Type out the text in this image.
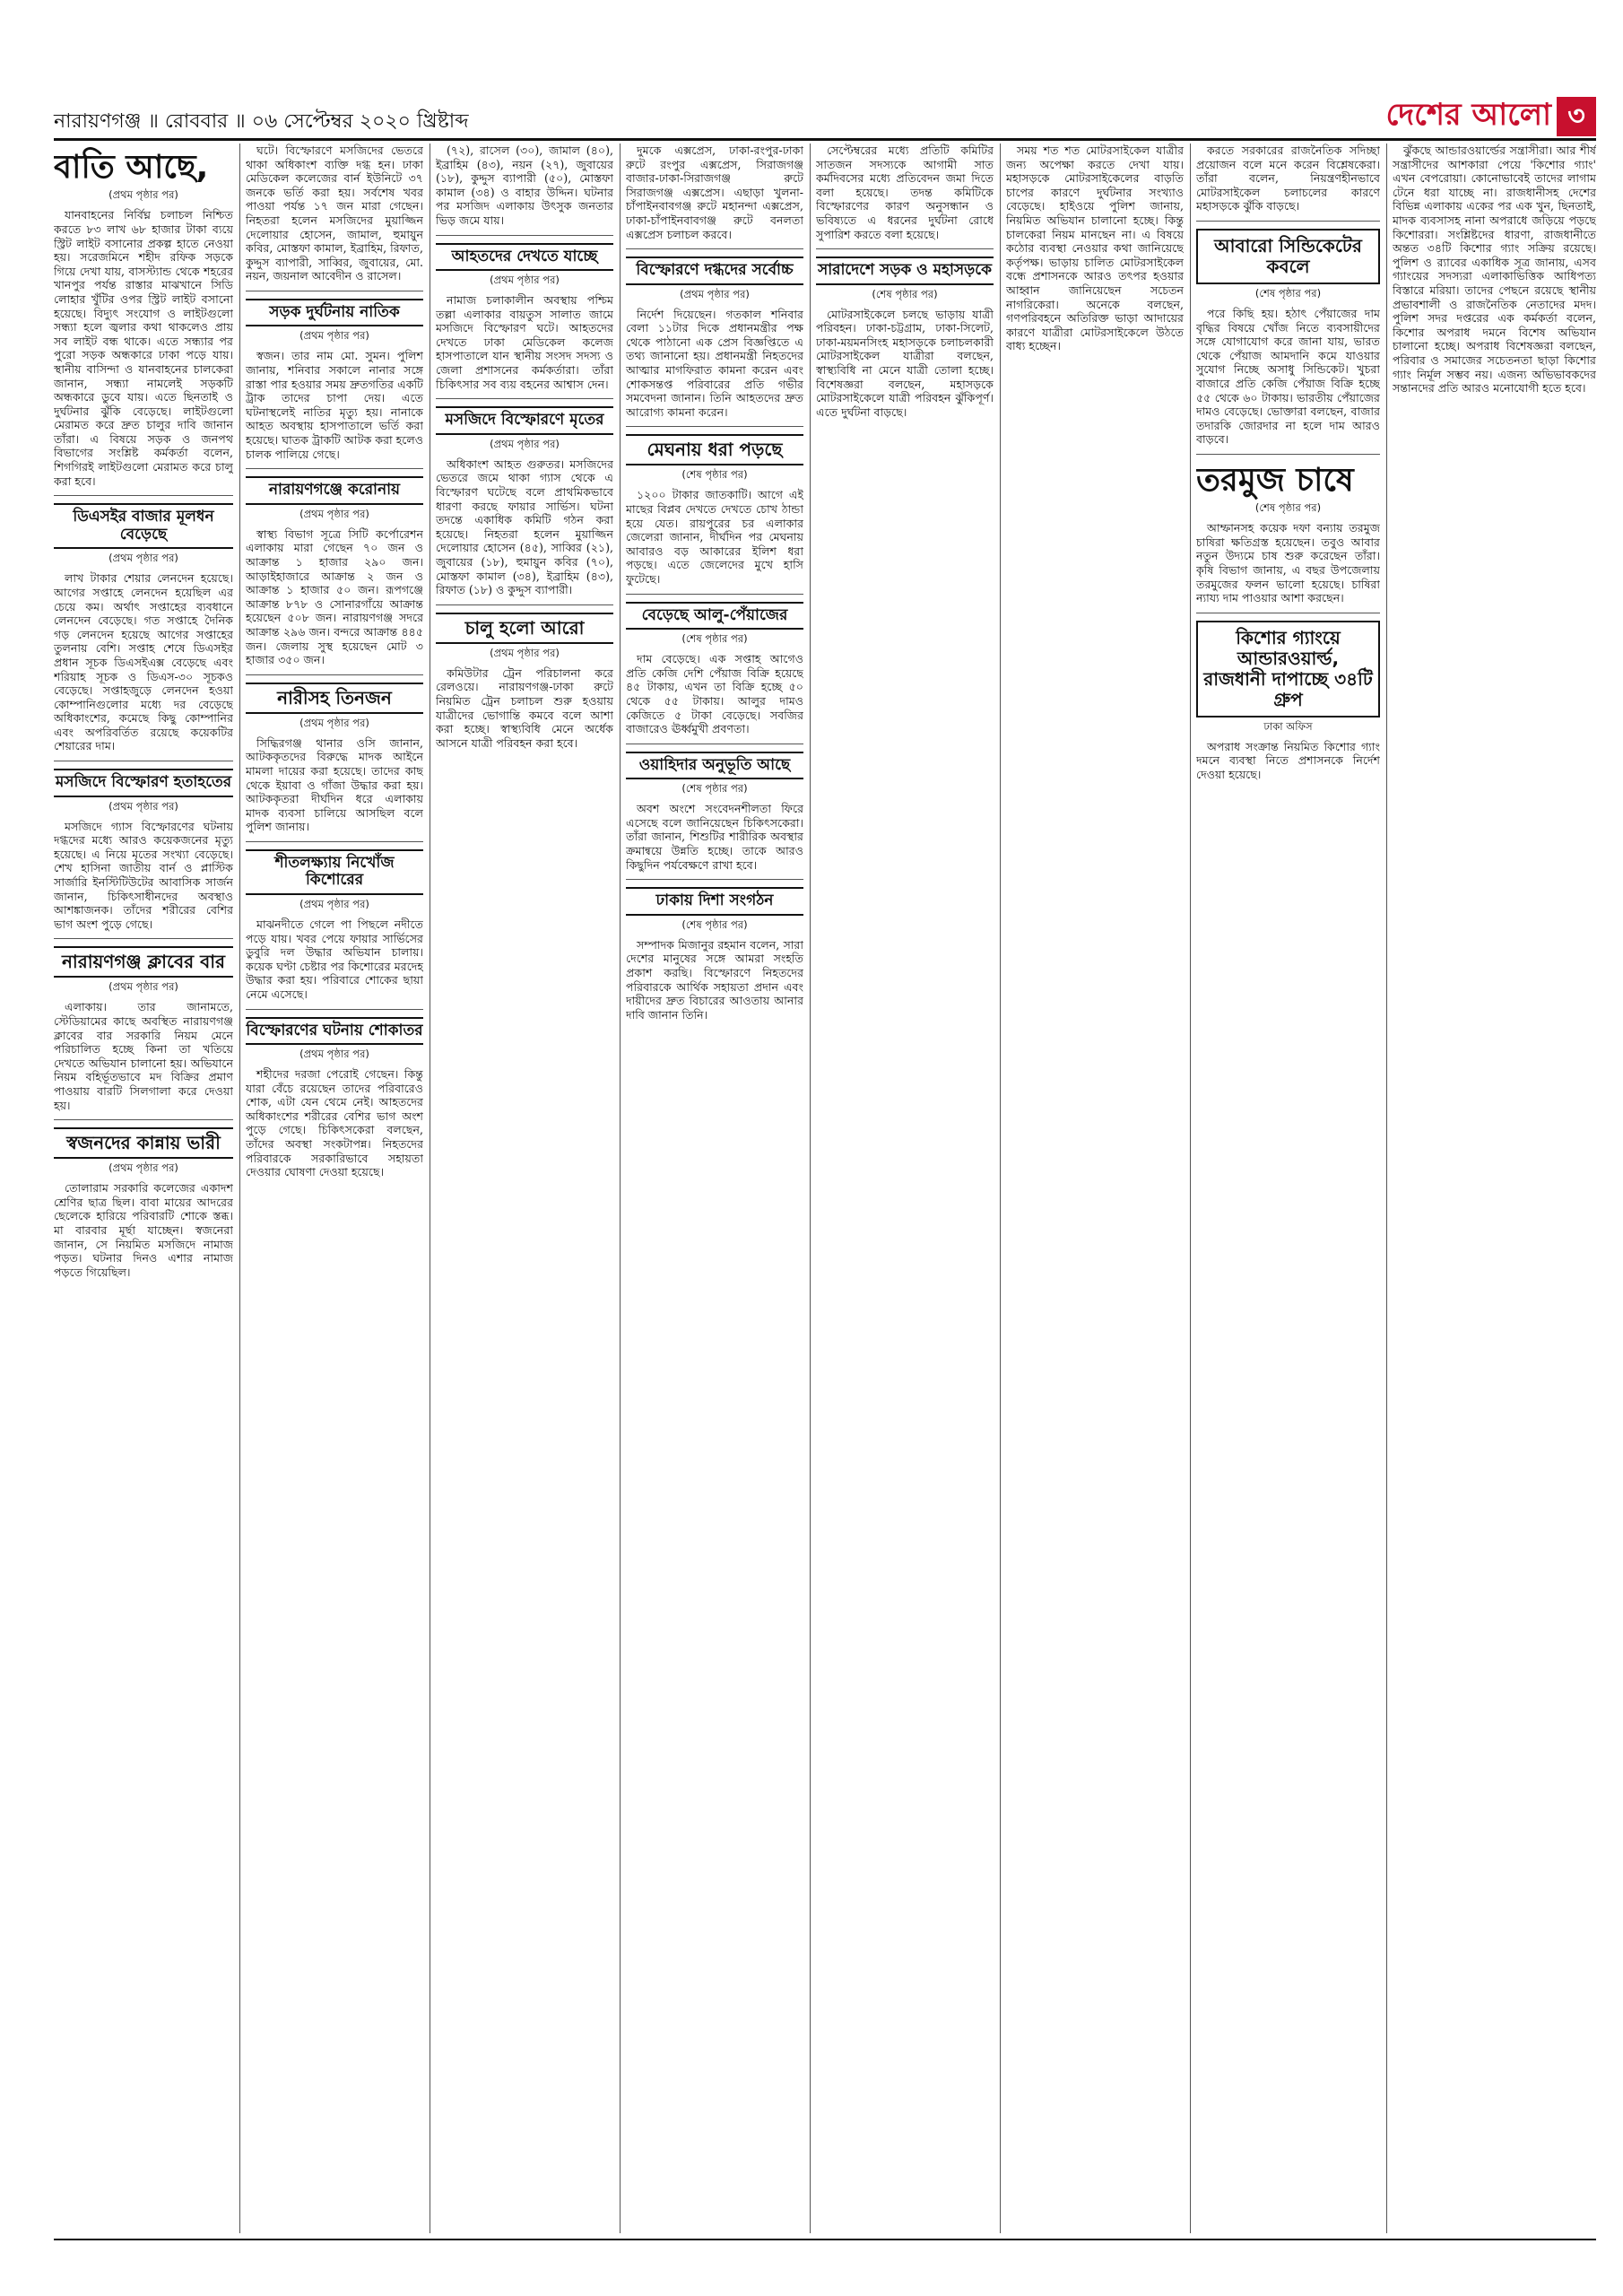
নারায়ণগঞ্জ ॥ রোববার ॥ ০৬ সেপ্টেম্বর ২০২০ খ্রিষ্টাব্দ	দেশের আলো ৩
বাতি আছে,
(প্রথম পৃষ্ঠার পর)
যানবাহনের নির্বিঘ্ন চলাচল নিশ্চিত করতে ৮৩ লাখ ৬৮ হাজার টাকা ব্যয়ে স্ট্রিট লাইট বসানোর প্রকল্প হাতে নেওয়া হয়। সরেজমিনে শহীদ রফিক সড়কে গিয়ে দেখা যায়, বাসস্ট্যান্ড থেকে শহরের খানপুর পর্যন্ত রাস্তার মাঝখানে সিডি লোহার খুঁটির ওপর স্ট্রিট লাইট বসানো হয়েছে। বিদ্যুৎ সংযোগ ও লাইটগুলো সন্ধ্যা হলে জ্বলার কথা থাকলেও প্রায় সব লাইট বন্ধ থাকে। এতে সন্ধ্যার পর পুরো সড়ক অন্ধকারে ঢাকা পড়ে যায়। স্থানীয় বাসিন্দা ও যানবাহনের চালকেরা জানান, সন্ধ্যা নামলেই সড়কটি অন্ধকারে ডুবে যায়। এতে ছিনতাই ও দুর্ঘটনার ঝুঁকি বেড়েছে। লাইটগুলো মেরামত করে দ্রুত চালুর দাবি জানান তাঁরা। এ বিষয়ে সড়ক ও জনপথ বিভাগের সংশ্লিষ্ট কর্মকর্তা বলেন, শিগগিরই লাইটগুলো মেরামত করে চালু করা হবে।
ডিএসইর বাজার মূলধন বেড়েছে
(প্রথম পৃষ্ঠার পর)
লাখ টাকার শেয়ার লেনদেন হয়েছে। আগের সপ্তাহে লেনদেন হয়েছিল এর চেয়ে কম। অর্থাৎ সপ্তাহের ব্যবধানে লেনদেন বেড়েছে। গত সপ্তাহে দৈনিক গড় লেনদেন হয়েছে আগের সপ্তাহের তুলনায় বেশি। সপ্তাহ শেষে ডিএসইর প্রধান সূচক ডিএসইএক্স বেড়েছে এবং শরিয়াহ সূচক ও ডিএস-৩০ সূচকও বেড়েছে। সপ্তাহজুড়ে লেনদেন হওয়া কোম্পানিগুলোর মধ্যে দর বেড়েছে অধিকাংশের, কমেছে কিছু কোম্পানির এবং অপরিবর্তিত রয়েছে কয়েকটির শেয়ারের দাম।
মসজিদে বিস্ফোরণ হতাহতের
(প্রথম পৃষ্ঠার পর)
মসজিদে গ্যাস বিস্ফোরণের ঘটনায় দগ্ধদের মধ্যে আরও কয়েকজনের মৃত্যু হয়েছে। এ নিয়ে মৃতের সংখ্যা বেড়েছে। শেখ হাসিনা জাতীয় বার্ন ও প্লাস্টিক সার্জারি ইনস্টিটিউটের আবাসিক সার্জন জানান, চিকিৎসাধীনদের অবস্থাও আশঙ্কাজনক। তাঁদের শরীরের বেশির ভাগ অংশ পুড়ে গেছে।
নারায়ণগঞ্জ ক্লাবের বার
(প্রথম পৃষ্ঠার পর)
এলাকায়। তার জানামতে, স্টেডিয়ামের কাছে অবস্থিত নারায়ণগঞ্জ ক্লাবের বার সরকারি নিয়ম মেনে পরিচালিত হচ্ছে কিনা তা খতিয়ে দেখতে অভিযান চালানো হয়। অভিযানে নিয়ম বহির্ভূতভাবে মদ বিক্রির প্রমাণ পাওয়ায় বারটি সিলগালা করে দেওয়া হয়।
স্বজনদের কান্নায় ভারী
(প্রথম পৃষ্ঠার পর)
তোলারাম সরকারি কলেজের একাদশ শ্রেণির ছাত্র ছিল। বাবা মায়ের আদরের ছেলেকে হারিয়ে পরিবারটি শোকে স্তব্ধ। মা বারবার মূর্ছা যাচ্ছেন। স্বজনেরা জানান, সে নিয়মিত মসজিদে নামাজ পড়ত। ঘটনার দিনও এশার নামাজ পড়তে গিয়েছিল।
ঘটে। বিস্ফোরণে মসজিদের ভেতরে থাকা অধিকাংশ ব্যক্তি দগ্ধ হন। ঢাকা মেডিকেল কলেজের বার্ন ইউনিটে ৩৭ জনকে ভর্তি করা হয়। সর্বশেষ খবর পাওয়া পর্যন্ত ১৭ জন মারা গেছেন। নিহতরা হলেন মসজিদের মুয়াজ্জিন দেলোয়ার হোসেন, জামাল, হুমায়ুন কবির, মোস্তফা কামাল, ইব্রাহিম, রিফাত, কুদ্দুস ব্যাপারী, সাব্বির, জুবায়ের, মো. নয়ন, জয়নাল আবেদীন ও রাসেল।
সড়ক দুর্ঘটনায় নাতিক
(প্রথম পৃষ্ঠার পর)
স্বজন। তার নাম মো. সুমন। পুলিশ জানায়, শনিবার সকালে নানার সঙ্গে রাস্তা পার হওয়ার সময় দ্রুতগতির একটি ট্রাক তাদের চাপা দেয়। এতে ঘটনাস্থলেই নাতির মৃত্যু হয়। নানাকে আহত অবস্থায় হাসপাতালে ভর্তি করা হয়েছে। ঘাতক ট্রাকটি আটক করা হলেও চালক পালিয়ে গেছে।
নারায়ণগঞ্জে করোনায়
(প্রথম পৃষ্ঠার পর)
স্বাস্থ্য বিভাগ সূত্রে সিটি কর্পোরেশন এলাকায় মারা গেছেন ৭০ জন ও আক্রান্ত ১ হাজার ২৯০ জন। আড়াইহাজারে আক্রান্ত ২ জন ও আক্রান্ত ১ হাজার ৫০ জন। রূপগঞ্জে আক্রান্ত ৮৭৮ ও সোনারগাঁয়ে আক্রান্ত হয়েছেন ৫০৮ জন। নারায়ণগঞ্জ সদরে আক্রান্ত ২৯৬ জন। বন্দরে আক্রান্ত ৪৪৫ জন। জেলায় সুস্থ হয়েছেন মোট ৩ হাজার ৩৫০ জন।
নারীসহ তিনজন
(প্রথম পৃষ্ঠার পর)
সিদ্ধিরগঞ্জ থানার ওসি জানান, আটককৃতদের বিরুদ্ধে মাদক আইনে মামলা দায়ের করা হয়েছে। তাদের কাছ থেকে ইয়াবা ও গাঁজা উদ্ধার করা হয়। আটককৃতরা দীর্ঘদিন ধরে এলাকায় মাদক ব্যবসা চালিয়ে আসছিল বলে পুলিশ জানায়।
শীতলক্ষ্যায় নিখোঁজ কিশোরের
(প্রথম পৃষ্ঠার পর)
মাঝনদীতে গেলে পা পিছলে নদীতে পড়ে যায়। খবর পেয়ে ফায়ার সার্ভিসের ডুবুরি দল উদ্ধার অভিযান চালায়। কয়েক ঘণ্টা চেষ্টার পর কিশোরের মরদেহ উদ্ধার করা হয়। পরিবারে শোকের ছায়া নেমে এসেছে।
বিস্ফোরণের ঘটনায় শোকাতর
(প্রথম পৃষ্ঠার পর)
শহীদের দরজা পেরোই গেছেন। কিন্তু যারা বেঁচে রয়েছেন তাদের পরিবারেও শোক, এটা যেন থেমে নেই। আহতদের অধিকাংশের শরীরের বেশির ভাগ অংশ পুড়ে গেছে। চিকিৎসকেরা বলছেন, তাঁদের অবস্থা সংকটাপন্ন। নিহতদের পরিবারকে সরকারিভাবে সহায়তা দেওয়ার ঘোষণা দেওয়া হয়েছে।
(৭২), রাসেল (৩০), জামাল (৪০), ইব্রাহিম (৪৩), নয়ন (২৭), জুবায়ের (১৮), কুদ্দুস ব্যাপারী (৫০), মোস্তফা কামাল (৩৪) ও বাহার উদ্দিন। ঘটনার পর মসজিদ এলাকায় উৎসুক জনতার ভিড় জমে যায়।
আহতদের দেখতে যাচ্ছে
(প্রথম পৃষ্ঠার পর)
নামাজ চলাকালীন অবস্থায় পশ্চিম তল্লা এলাকার বায়তুস সালাত জামে মসজিদে বিস্ফোরণ ঘটে। আহতদের দেখতে ঢাকা মেডিকেল কলেজ হাসপাতালে যান স্থানীয় সংসদ সদস্য ও জেলা প্রশাসনের কর্মকর্তারা। তাঁরা চিকিৎসার সব ব্যয় বহনের আশ্বাস দেন।
মসজিদে বিস্ফোরণে মৃতের
(প্রথম পৃষ্ঠার পর)
অধিকাংশ আহত গুরুতর। মসজিদের ভেতরে জমে থাকা গ্যাস থেকে এ বিস্ফোরণ ঘটেছে বলে প্রাথমিকভাবে ধারণা করছে ফায়ার সার্ভিস। ঘটনা তদন্তে একাধিক কমিটি গঠন করা হয়েছে। নিহতরা হলেন মুয়াজ্জিন দেলোয়ার হোসেন (৪৫), সাব্বির (২১), জুবায়ের (১৮), হুমায়ুন কবির (৭০), মোস্তফা কামাল (৩৪), ইব্রাহিম (৪৩), রিফাত (১৮) ও কুদ্দুস ব্যাপারী।
চালু হলো আরো
(প্রথম পৃষ্ঠার পর)
কমিউটার ট্রেন পরিচালনা করে রেলওয়ে। নারায়ণগঞ্জ-ঢাকা রুটে নিয়মিত ট্রেন চলাচল শুরু হওয়ায় যাত্রীদের ভোগান্তি কমবে বলে আশা করা হচ্ছে। স্বাস্থ্যবিধি মেনে অর্ধেক আসনে যাত্রী পরিবহন করা হবে।
দুমকে এক্সপ্রেস, ঢাকা-রংপুর-ঢাকা রুটে রংপুর এক্সপ্রেস, সিরাজগঞ্জ বাজার-ঢাকা-সিরাজগঞ্জ রুটে সিরাজগঞ্জ এক্সপ্রেস। এছাড়া খুলনা-চাঁপাইনবাবগঞ্জ রুটে মহানন্দা এক্সপ্রেস, ঢাকা-চাঁপাইনবাবগঞ্জ রুটে বনলতা এক্সপ্রেস চলাচল করবে।
বিস্ফোরণে দগ্ধদের সর্বোচ্চ
(প্রথম পৃষ্ঠার পর)
নির্দেশ দিয়েছেন। গতকাল শনিবার বেলা ১১টার দিকে প্রধানমন্ত্রীর পক্ষ থেকে পাঠানো এক প্রেস বিজ্ঞপ্তিতে এ তথ্য জানানো হয়। প্রধানমন্ত্রী নিহতদের আত্মার মাগফিরাত কামনা করেন এবং শোকসন্তপ্ত পরিবারের প্রতি গভীর সমবেদনা জানান। তিনি আহতদের দ্রুত আরোগ্য কামনা করেন।
মেঘনায় ধরা পড়ছে
(শেষ পৃষ্ঠার পর)
১২০০ টাকার জাতকাটি। আগে এই মাছের বিপ্লব দেখতে দেখতে চোখ ঠান্ডা হয়ে যেত। রায়পুরের চর এলাকার জেলেরা জানান, দীর্ঘদিন পর মেঘনায় আবারও বড় আকারের ইলিশ ধরা পড়ছে। এতে জেলেদের মুখে হাসি ফুটেছে।
বেড়েছে আলু-পেঁয়াজের
(শেষ পৃষ্ঠার পর)
দাম বেড়েছে। এক সপ্তাহ আগেও প্রতি কেজি দেশি পেঁয়াজ বিক্রি হয়েছে ৪৫ টাকায়, এখন তা বিক্রি হচ্ছে ৫০ থেকে ৫৫ টাকায়। আলুর দামও কেজিতে ৫ টাকা বেড়েছে। সবজির বাজারেও ঊর্ধ্বমুখী প্রবণতা।
ওয়াহিদার অনুভূতি আছে
(শেষ পৃষ্ঠার পর)
অবশ অংশে সংবেদনশীলতা ফিরে এসেছে বলে জানিয়েছেন চিকিৎসকেরা। তাঁরা জানান, শিশুটির শারীরিক অবস্থার ক্রমান্বয়ে উন্নতি হচ্ছে। তাকে আরও কিছুদিন পর্যবেক্ষণে রাখা হবে।
ঢাকায় দিশা সংগঠন
(শেষ পৃষ্ঠার পর)
সম্পাদক মিজানুর রহমান বলেন, সারা দেশের মানুষের সঙ্গে আমরা সংহতি প্রকাশ করছি। বিস্ফোরণে নিহতদের পরিবারকে আর্থিক সহায়তা প্রদান এবং দায়ীদের দ্রুত বিচারের আওতায় আনার দাবি জানান তিনি।
সেপ্টেম্বরের মধ্যে প্রতিটি কমিটির সাতজন সদস্যকে আগামী সাত কর্মদিবসের মধ্যে প্রতিবেদন জমা দিতে বলা হয়েছে। তদন্ত কমিটিকে বিস্ফোরণের কারণ অনুসন্ধান ও ভবিষ্যতে এ ধরনের দুর্ঘটনা রোধে সুপারিশ করতে বলা হয়েছে।
সারাদেশে সড়ক ও মহাসড়কে
(শেষ পৃষ্ঠার পর)
মোটরসাইকেলে চলছে ভাড়ায় যাত্রী পরিবহন। ঢাকা-চট্টগ্রাম, ঢাকা-সিলেট, ঢাকা-ময়মনসিংহ মহাসড়কে চলাচলকারী মোটরসাইকেল যাত্রীরা বলছেন, স্বাস্থ্যবিধি না মেনে যাত্রী তোলা হচ্ছে। বিশেষজ্ঞরা বলছেন, মহাসড়কে মোটরসাইকেলে যাত্রী পরিবহন ঝুঁকিপূর্ণ। এতে দুর্ঘটনা বাড়ছে।
সময় শত শত মোটরসাইকেল যাত্রীর জন্য অপেক্ষা করতে দেখা যায়। মহাসড়কে মোটরসাইকেলের বাড়তি চাপের কারণে দুর্ঘটনার সংখ্যাও বেড়েছে। হাইওয়ে পুলিশ জানায়, নিয়মিত অভিযান চালানো হচ্ছে। কিন্তু চালকেরা নিয়ম মানছেন না। এ বিষয়ে কঠোর ব্যবস্থা নেওয়ার কথা জানিয়েছে কর্তৃপক্ষ। ভাড়ায় চালিত মোটরসাইকেল বন্ধে প্রশাসনকে আরও তৎপর হওয়ার আহ্বান জানিয়েছেন সচেতন নাগরিকেরা। অনেকে বলছেন, গণপরিবহনে অতিরিক্ত ভাড়া আদায়ের কারণে যাত্রীরা মোটরসাইকেলে উঠতে বাধ্য হচ্ছেন।
করতে সরকারের রাজনৈতিক সদিচ্ছা প্রয়োজন বলে মনে করেন বিশ্লেষকেরা। তাঁরা বলেন, নিয়ন্ত্রণহীনভাবে মোটরসাইকেল চলাচলের কারণে মহাসড়কে ঝুঁকি বাড়ছে।
আবারো সিন্ডিকেটের কবলে
(শেষ পৃষ্ঠার পর)
পরে কিছি হয়। হঠাৎ পেঁয়াজের দাম বৃদ্ধির বিষয়ে খোঁজ নিতে ব্যবসায়ীদের সঙ্গে যোগাযোগ করে জানা যায়, ভারত থেকে পেঁয়াজ আমদানি কমে যাওয়ার সুযোগ নিচ্ছে অসাধু সিন্ডিকেট। খুচরা বাজারে প্রতি কেজি পেঁয়াজ বিক্রি হচ্ছে ৫৫ থেকে ৬০ টাকায়। ভারতীয় পেঁয়াজের দামও বেড়েছে। ভোক্তারা বলছেন, বাজার তদারকি জোরদার না হলে দাম আরও বাড়বে।
তরমুজ চাষে
(শেষ পৃষ্ঠার পর)
আম্ফানসহ কয়েক দফা বন্যায় তরমুজ চাষিরা ক্ষতিগ্রস্ত হয়েছেন। তবুও আবার নতুন উদ্যমে চাষ শুরু করেছেন তাঁরা। কৃষি বিভাগ জানায়, এ বছর উপজেলায় তরমুজের ফলন ভালো হয়েছে। চাষিরা ন্যায্য দাম পাওয়ার আশা করছেন।
কিশোর গ্যাংয়ে আন্ডারওয়ার্ল্ড, রাজধানী দাপাচ্ছে ৩৪টি গ্রুপ
ঢাকা অফিস
অপরাধ সংক্রান্ত নিয়মিত কিশোর গ্যাং দমনে ব্যবস্থা নিতে প্রশাসনকে নির্দেশ দেওয়া হয়েছে।
ঝুঁকছে আন্ডারওয়ার্ল্ডের সন্ত্রাসীরা। আর শীর্ষ সন্ত্রাসীদের আশকারা পেয়ে 'কিশোর গ্যাং' এখন বেপরোয়া। কোনোভাবেই তাদের লাগাম টেনে ধরা যাচ্ছে না। রাজধানীসহ দেশের বিভিন্ন এলাকায় একের পর এক খুন, ছিনতাই, মাদক ব্যবসাসহ নানা অপরাধে জড়িয়ে পড়ছে কিশোররা। সংশ্লিষ্টদের ধারণা, রাজধানীতে অন্তত ৩৪টি কিশোর গ্যাং সক্রিয় রয়েছে। পুলিশ ও র‌্যাবের একাধিক সূত্র জানায়, এসব গ্যাংয়ের সদস্যরা এলাকাভিত্তিক আধিপত্য বিস্তারে মরিয়া। তাদের পেছনে রয়েছে স্থানীয় প্রভাবশালী ও রাজনৈতিক নেতাদের মদদ। পুলিশ সদর দপ্তরের এক কর্মকর্তা বলেন, কিশোর অপরাধ দমনে বিশেষ অভিযান চালানো হচ্ছে। অপরাধ বিশেষজ্ঞরা বলছেন, পরিবার ও সমাজের সচেতনতা ছাড়া কিশোর গ্যাং নির্মূল সম্ভব নয়। এজন্য অভিভাবকদের সন্তানদের প্রতি আরও মনোযোগী হতে হবে।
